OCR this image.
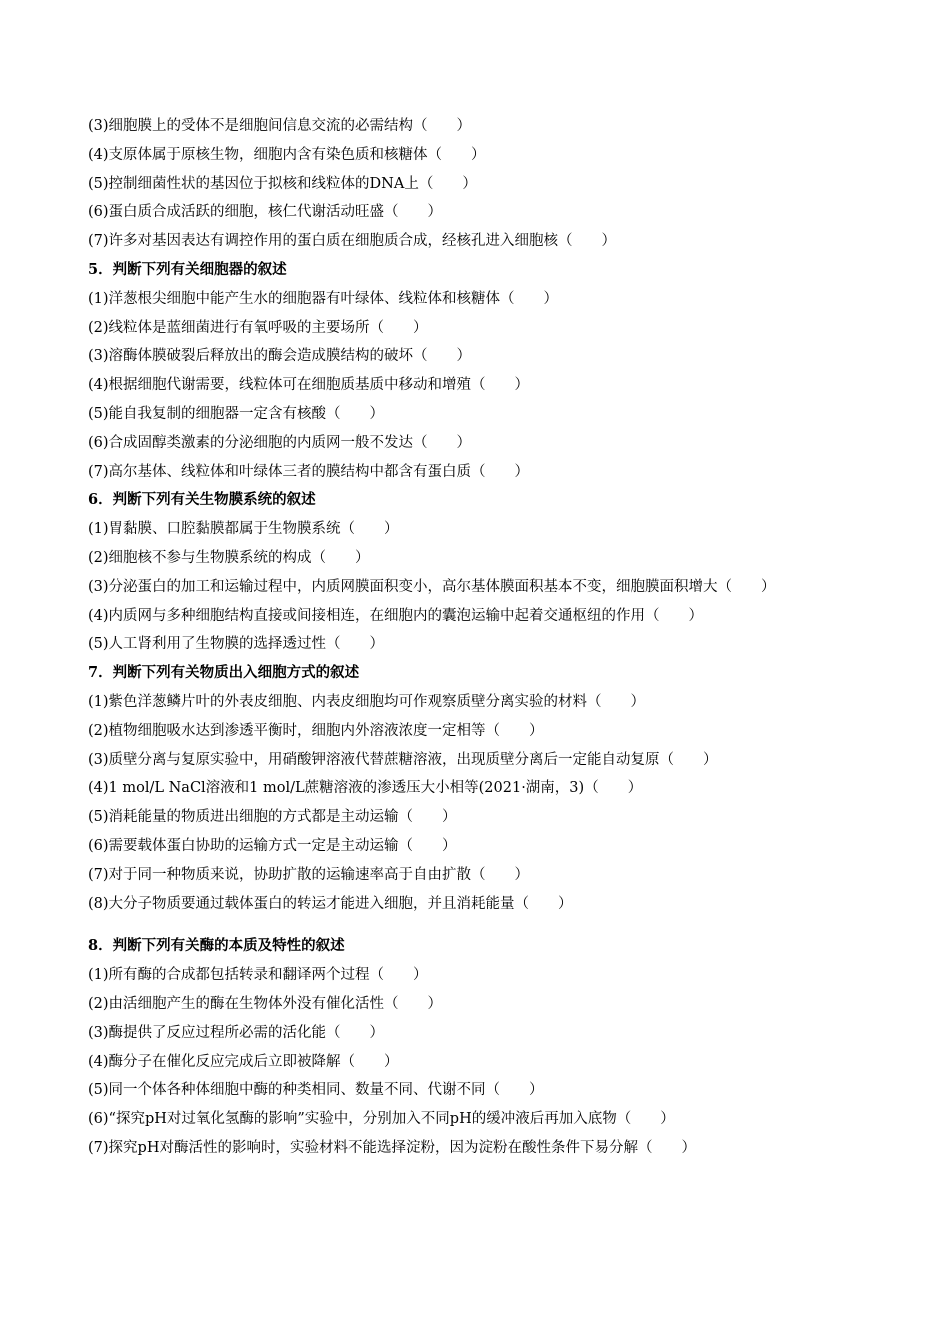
(3)细胞膜上的受体不是细胞间信息交流的必需结构（　　）
(4)支原体属于原核生物，细胞内含有染色质和核糖体（　　）
(5)控制细菌性状的基因位于拟核和线粒体的DNA上（　　）
(6)蛋白质合成活跃的细胞，核仁代谢活动旺盛（　　）
(7)许多对基因表达有调控作用的蛋白质在细胞质合成，经核孔进入细胞核（　　）
5．判断下列有关细胞器的叙述
(1)洋葱根尖细胞中能产生水的细胞器有叶绿体、线粒体和核糖体（　　）
(2)线粒体是蓝细菌进行有氧呼吸的主要场所（　　）
(3)溶酶体膜破裂后释放出的酶会造成膜结构的破坏（　　）
(4)根据细胞代谢需要，线粒体可在细胞质基质中移动和增殖（　　）
(5)能自我复制的细胞器一定含有核酸（　　）
(6)合成固醇类激素的分泌细胞的内质网一般不发达（　　）
(7)高尔基体、线粒体和叶绿体三者的膜结构中都含有蛋白质（　　）
6．判断下列有关生物膜系统的叙述
(1)胃黏膜、口腔黏膜都属于生物膜系统（　　）
(2)细胞核不参与生物膜系统的构成（　　）
(3)分泌蛋白的加工和运输过程中，内质网膜面积变小，高尔基体膜面积基本不变，细胞膜面积增大（　　）
(4)内质网与多种细胞结构直接或间接相连，在细胞内的囊泡运输中起着交通枢纽的作用（　　）
(5)人工肾利用了生物膜的选择透过性（　　）
7．判断下列有关物质出入细胞方式的叙述
(1)紫色洋葱鳞片叶的外表皮细胞、内表皮细胞均可作观察质壁分离实验的材料（　　）
(2)植物细胞吸水达到渗透平衡时，细胞内外溶液浓度一定相等（　　）
(3)质壁分离与复原实验中，用硝酸钾溶液代替蔗糖溶液，出现质壁分离后一定能自动复原（　　）
(4)1 mol/L NaCl溶液和1 mol/L蔗糖溶液的渗透压大小相等(2021·湖南，3)（　　）
(5)消耗能量的物质进出细胞的方式都是主动运输（　　）
(6)需要载体蛋白协助的运输方式一定是主动运输（　　）
(7)对于同一种物质来说，协助扩散的运输速率高于自由扩散（　　）
(8)大分子物质要通过载体蛋白的转运才能进入细胞，并且消耗能量（　　）
8．判断下列有关酶的本质及特性的叙述
(1)所有酶的合成都包括转录和翻译两个过程（　　）
(2)由活细胞产生的酶在生物体外没有催化活性（　　）
(3)酶提供了反应过程所必需的活化能（　　）
(4)酶分子在催化反应完成后立即被降解（　　）
(5)同一个体各种体细胞中酶的种类相同、数量不同、代谢不同（　　）
(6)“探究pH对过氧化氢酶的影响”实验中，分别加入不同pH的缓冲液后再加入底物（　　）
(7)探究pH对酶活性的影响时，实验材料不能选择淀粉，因为淀粉在酸性条件下易分解（　　）
